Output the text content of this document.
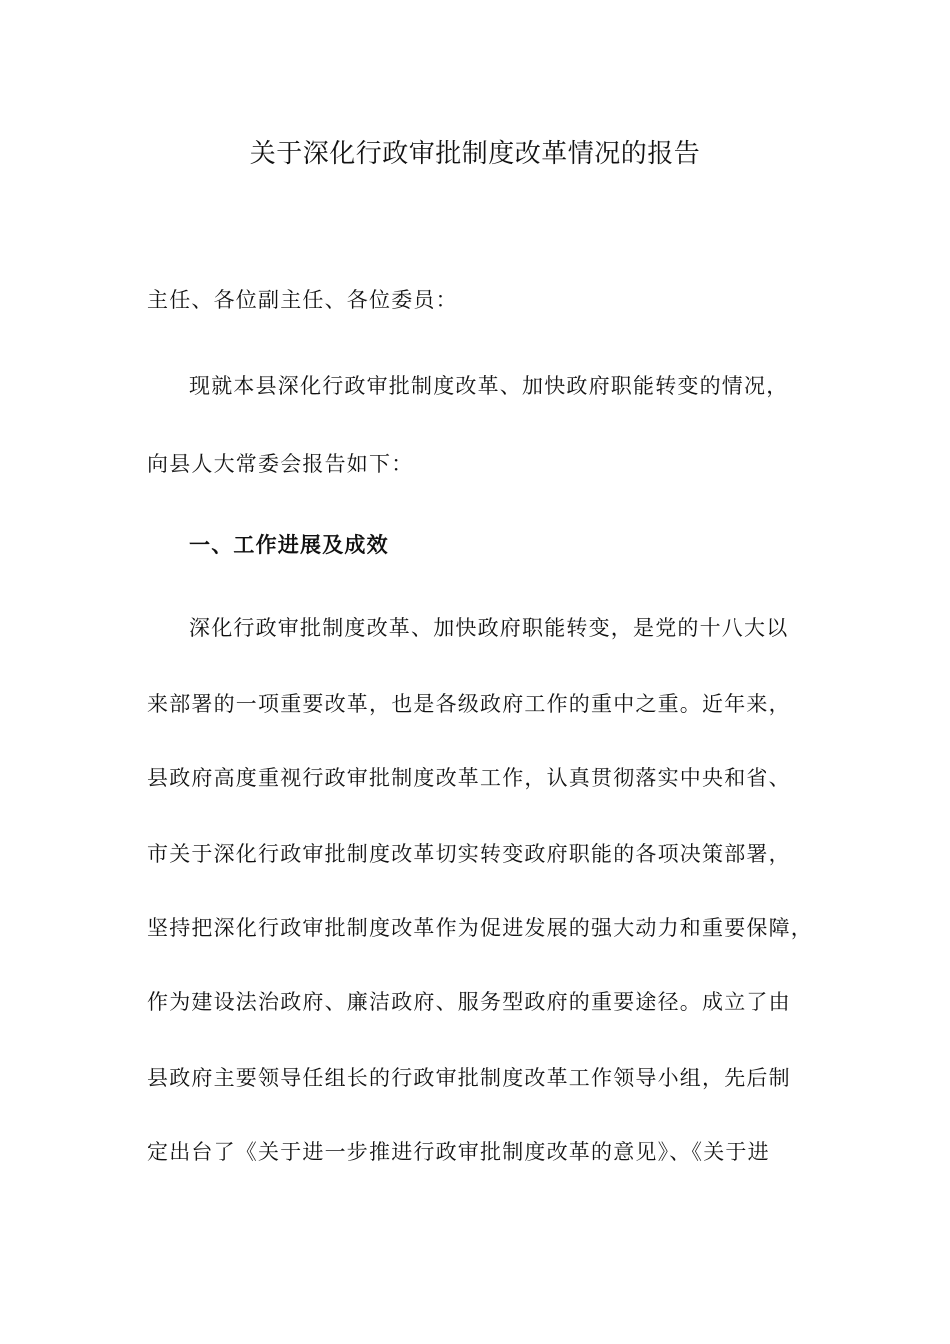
关于深化行政审批制度改革情况的报告

主任、各位副主任、各位委员：

现就本县深化行政审批制度改革、加快政府职能转变的情况，

向县人大常委会报告如下：

一、工作进展及成效

深化行政审批制度改革、加快政府职能转变，是党的十八大以

来部署的一项重要改革，也是各级政府工作的重中之重。近年来，

县政府高度重视行政审批制度改革工作，认真贯彻落实中央和省、

市关于深化行政审批制度改革切实转变政府职能的各项决策部署，

坚持把深化行政审批制度改革作为促进发展的强大动力和重要保障，

作为建设法治政府、廉洁政府、服务型政府的重要途径。成立了由

县政府主要领导任组长的行政审批制度改革工作领导小组，先后制

定出台了《关于进一步推进行政审批制度改革的意见》、《关于进
